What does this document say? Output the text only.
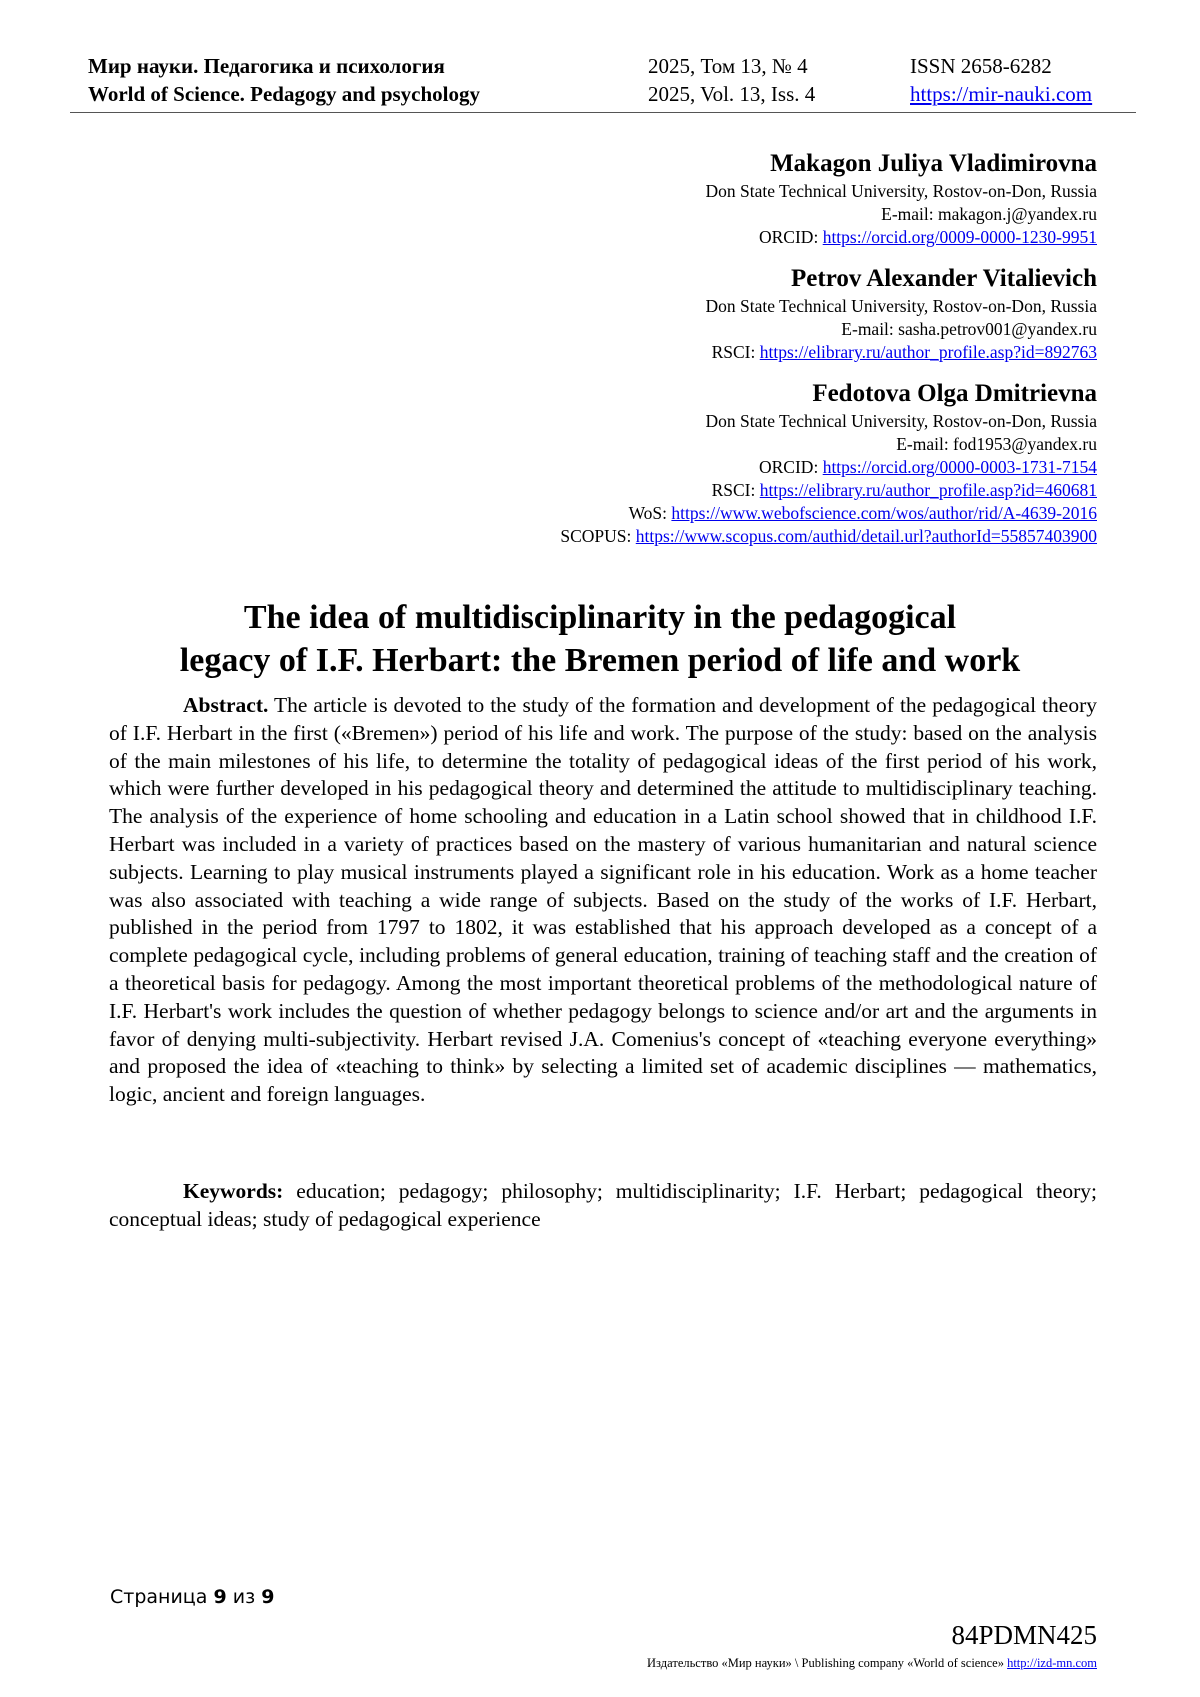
Мир науки. Педагогика и психология
World of Science. Pedagogy and psychology
2025, Том 13, № 4
2025, Vol. 13, Iss. 4
ISSN 2658-6282
https://mir-nauki.com
Makagon Juliya Vladimirovna
Don State Technical University, Rostov-on-Don, Russia
E-mail: makagon.j@yandex.ru
ORCID: https://orcid.org/0009-0000-1230-9951
Petrov Alexander Vitalievich
Don State Technical University, Rostov-on-Don, Russia
E-mail: sasha.petrov001@yandex.ru
RSCI: https://elibrary.ru/author_profile.asp?id=892763
Fedotova Olga Dmitrievna
Don State Technical University, Rostov-on-Don, Russia
E-mail: fod1953@yandex.ru
ORCID: https://orcid.org/0000-0003-1731-7154
RSCI: https://elibrary.ru/author_profile.asp?id=460681
WoS: https://www.webofscience.com/wos/author/rid/A-4639-2016
SCOPUS: https://www.scopus.com/authid/detail.url?authorId=55857403900
The idea of multidisciplinarity in the pedagogical
legacy of I.F. Herbart: the Bremen period of life and work
Abstract. The article is devoted to the study of the formation and development of the pedagogical theory of I.F. Herbart in the first («Bremen») period of his life and work. The purpose of the study: based on the analysis of the main milestones of his life, to determine the totality of pedagogical ideas of the first period of his work, which were further developed in his pedagogical theory and determined the attitude to multidisciplinary teaching. The analysis of the experience of home schooling and education in a Latin school showed that in childhood I.F. Herbart was included in a variety of practices based on the mastery of various humanitarian and natural science subjects. Learning to play musical instruments played a significant role in his education. Work as a home teacher was also associated with teaching a wide range of subjects. Based on the study of the works of I.F. Herbart, published in the period from 1797 to 1802, it was established that his approach developed as a concept of a complete pedagogical cycle, including problems of general education, training of teaching staff and the creation of a theoretical basis for pedagogy. Among the most important theoretical problems of the methodological nature of I.F. Herbart's work includes the question of whether pedagogy belongs to science and/or art and the arguments in favor of denying multi-subjectivity. Herbart revised J.A. Comenius's concept of «teaching everyone everything» and proposed the idea of «teaching to think» by selecting a limited set of academic disciplines — mathematics, logic, ancient and foreign languages.
Keywords: education; pedagogy; philosophy; multidisciplinarity; I.F. Herbart; pedagogical theory; conceptual ideas; study of pedagogical experience
Страница 9 из 9
84PDMN425
Издательство «Мир науки» \ Publishing company «World of science» http://izd-mn.com
